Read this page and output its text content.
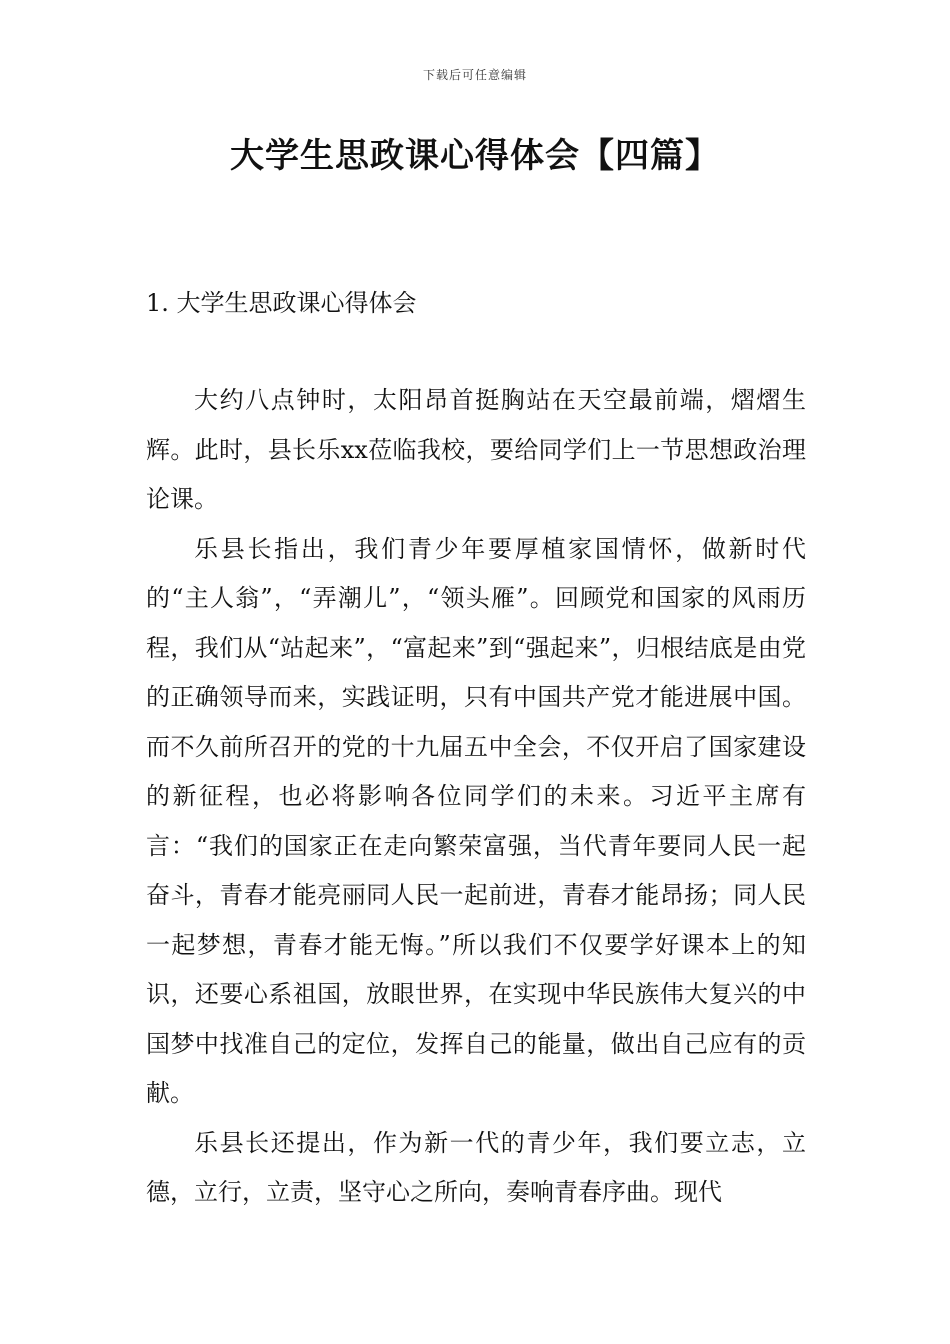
下载后可任意编辑
大学生思政课心得体会【四篇】
1. 大学生思政课心得体会

大约八点钟时，太阳昂首挺胸站在天空最前端，熠熠生辉。此时，县长乐xx莅临我校，要给同学们上一节思想政治理论课。

乐县长指出，我们青少年要厚植家国情怀，做新时代的“主人翁”，“弄潮儿”，“领头雁”。回顾党和国家的风雨历程，我们从“站起来”，“富起来”到“强起来”，归根结底是由党的正确领导而来，实践证明，只有中国共产党才能进展中国。而不久前所召开的党的十九届五中全会，不仅开启了国家建设的新征程，也必将影响各位同学们的未来。习近平主席有言：“我们的国家正在走向繁荣富强，当代青年要同人民一起奋斗，青春才能亮丽同人民一起前进，青春才能昂扬；同人民一起梦想，青春才能无悔。”所以我们不仅要学好课本上的知识，还要心系祖国，放眼世界，在实现中华民族伟大复兴的中国梦中找准自己的定位，发挥自己的能量，做出自己应有的贡献。

乐县长还提出，作为新一代的青少年，我们要立志，立德，立行，立责，坚守心之所向，奏响青春序曲。现代
